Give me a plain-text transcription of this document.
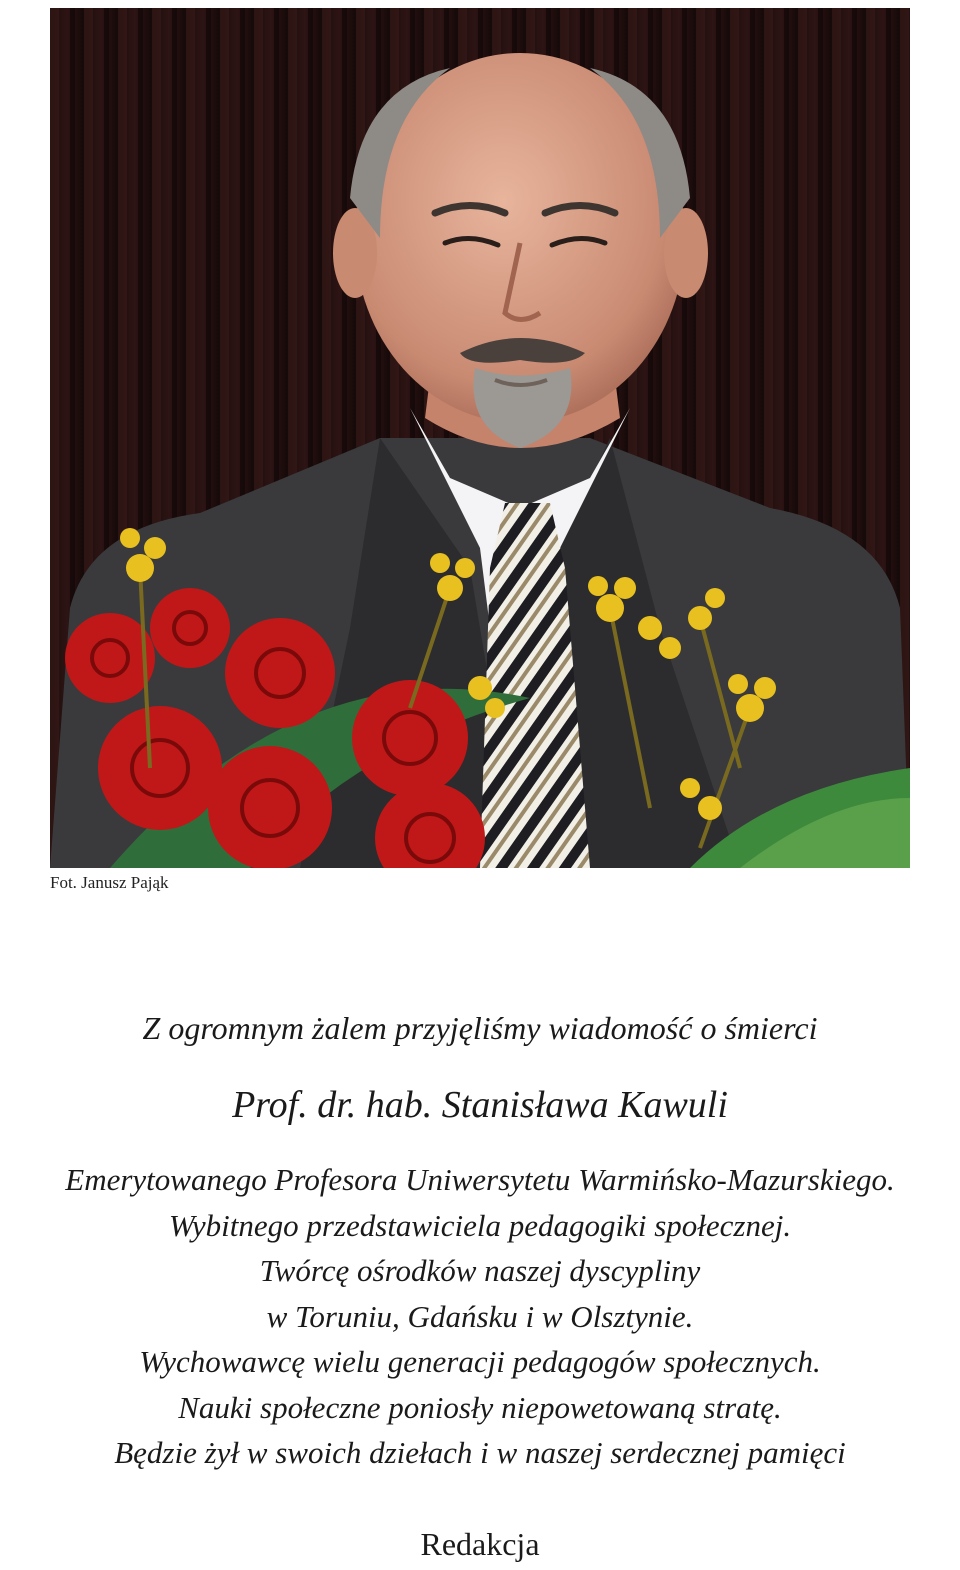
Fot. Janusz Pająk
Z ogromnym żalem przyjęliśmy wiadomość o śmierci
Prof. dr. hab. Stanisława Kawuli
Emerytowanego Profesora Uniwersytetu Warmińsko-Mazurskiego.
Wybitnego przedstawiciela pedagogiki społecznej.
Twórcę ośrodków naszej dyscypliny
w Toruniu, Gdańsku i w Olsztynie.
Wychowawcę wielu generacji pedagogów społecznych.
Nauki społeczne poniosły niepowetowaną stratę.
Będzie żył w swoich dziełach i w naszej serdecznej pamięci
Redakcja
